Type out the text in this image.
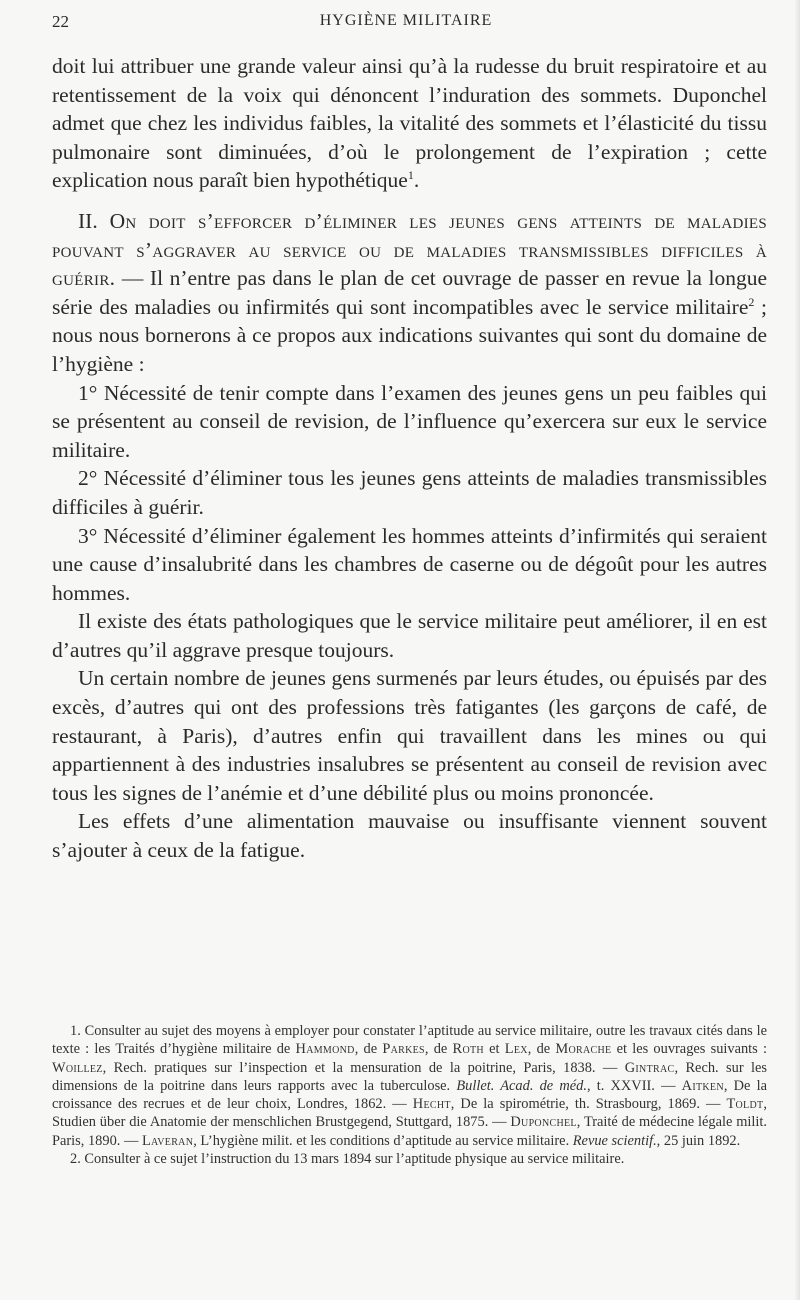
22	HYGIÈNE MILITAIRE

doit lui attribuer une grande valeur ainsi qu’à la rudesse du bruit respiratoire et au retentissement de la voix qui dénoncent l’induration des sommets. Duponchel admet que chez les individus faibles, la vitalité des sommets et l’élasticité du tissu pulmonaire sont diminuées, d’où le prolongement de l’expiration ; cette explication nous paraît bien hypothétique$^1$.

II. On doit s’efforcer d’éliminer les jeunes gens atteints de maladies pouvant s’aggraver au service ou de maladies transmissibles difficiles à guérir. — Il n’entre pas dans le plan de cet ouvrage de passer en revue la longue série des maladies ou infirmités qui sont incompatibles avec le service militaire$^2$ ; nous nous bornerons à ce propos aux indications suivantes qui sont du domaine de l’hygiène :

1° Nécessité de tenir compte dans l’examen des jeunes gens un peu faibles qui se présentent au conseil de revision, de l’influence qu’exercera sur eux le service militaire.

2° Nécessité d’éliminer tous les jeunes gens atteints de maladies transmissibles difficiles à guérir.

3° Nécessité d’éliminer également les hommes atteints d’infirmités qui seraient une cause d’insalubrité dans les chambres de caserne ou de dégoût pour les autres hommes.

Il existe des états pathologiques que le service militaire peut améliorer, il en est d’autres qu’il aggrave presque toujours.

Un certain nombre de jeunes gens surmenés par leurs études, ou épuisés par des excès, d’autres qui ont des professions très fatigantes (les garçons de café, de restaurant, à Paris), d’autres enfin qui travaillent dans les mines ou qui appartiennent à des industries insalubres se présentent au conseil de revision avec tous les signes de l’anémie et d’une débilité plus ou moins prononcée.

Les effets d’une alimentation mauvaise ou insuffisante viennent souvent s’ajouter à ceux de la fatigue.

1. Consulter au sujet des moyens à employer pour constater l’aptitude au service militaire, outre les travaux cités dans le texte : les Traités d’hygiène militaire de Hammond, de Parkes, de Roth et Lex, de Morache et les ouvrages suivants : Woillez, Rech. pratiques sur l’inspection et la mensuration de la poitrine, Paris, 1838. — Gintrac, Rech. sur les dimensions de la poitrine dans leurs rapports avec la tuberculose. Bullet. Acad. de méd., t. XXVII. — Aitken, De la croissance des recrues et de leur choix, Londres, 1862. — Hecht, De la spirométrie, th. Strasbourg, 1869. — Toldt, Studien über die Anatomie der menschlichen Brustgegend, Stuttgard, 1875. — Duponchel, Traité de médecine légale milit. Paris, 1890. — Laveran, L’hygiène milit. et les conditions d’aptitude au service militaire. Revue scientif., 25 juin 1892.

2. Consulter à ce sujet l’instruction du 13 mars 1894 sur l’aptitude physique au service militaire.
